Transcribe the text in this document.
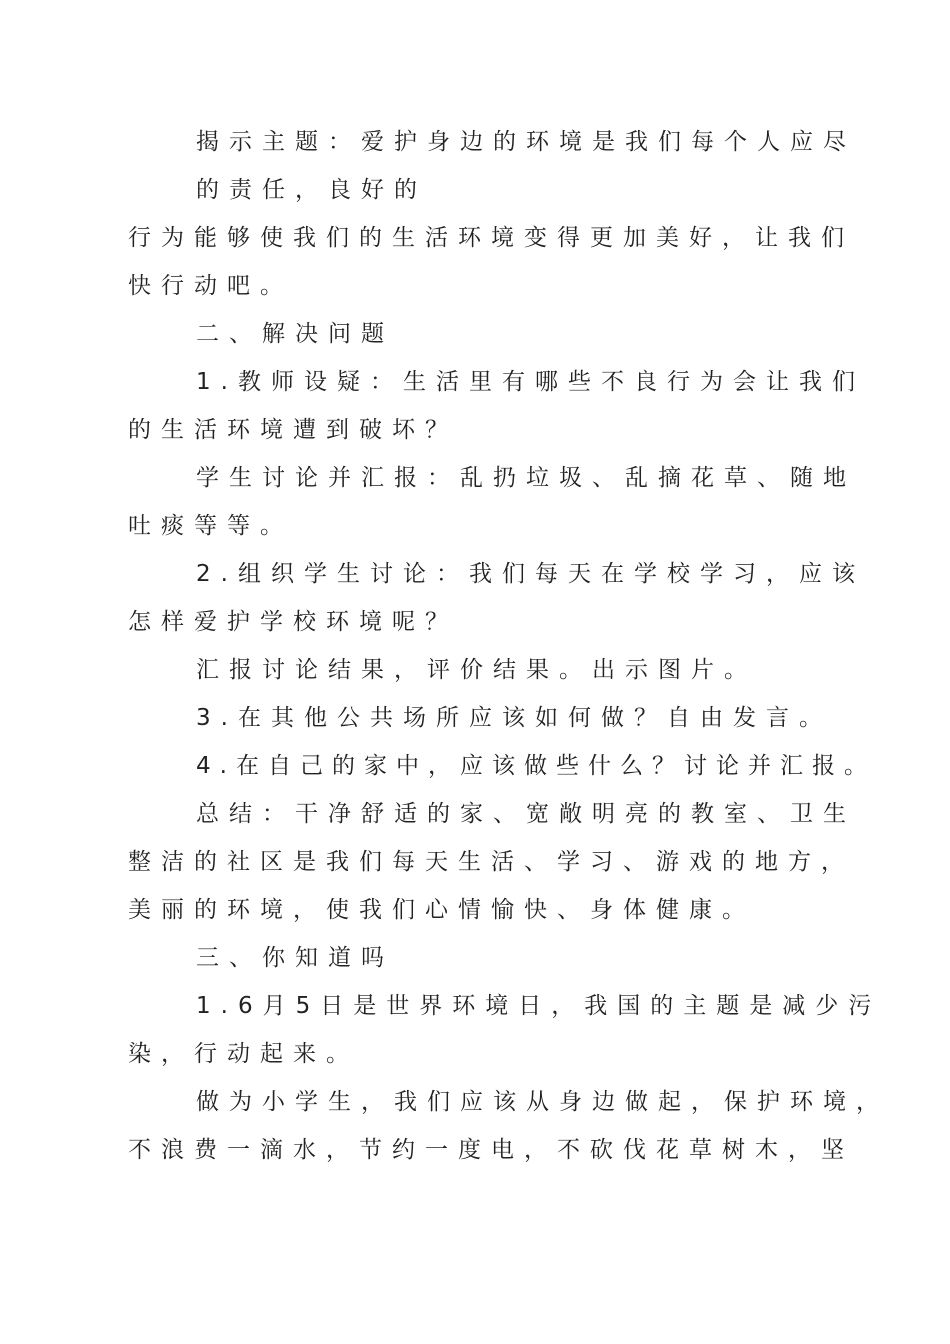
揭示主题：爱护身边的环境是我们每个人应尽
的责任，良好的
行为能够使我们的生活环境变得更加美好，让我们
快行动吧。
二、解决问题
1.教师设疑：生活里有哪些不良行为会让我们
的生活环境遭到破坏？
学生讨论并汇报：乱扔垃圾、乱摘花草、随地
吐痰等等。
2.组织学生讨论：我们每天在学校学习，应该
怎样爱护学校环境呢？
汇报讨论结果，评价结果。出示图片。
3.在其他公共场所应该如何做？自由发言。
4.在自己的家中，应该做些什么？讨论并汇报。
总结：干净舒适的家、宽敞明亮的教室、卫生
整洁的社区是我们每天生活、学习、游戏的地方，
美丽的环境，使我们心情愉快、身体健康。
三、你知道吗
1.6月5日是世界环境日，我国的主题是减少污
染，行动起来。
做为小学生，我们应该从身边做起，保护环境，
不浪费一滴水，节约一度电，不砍伐花草树木，坚
